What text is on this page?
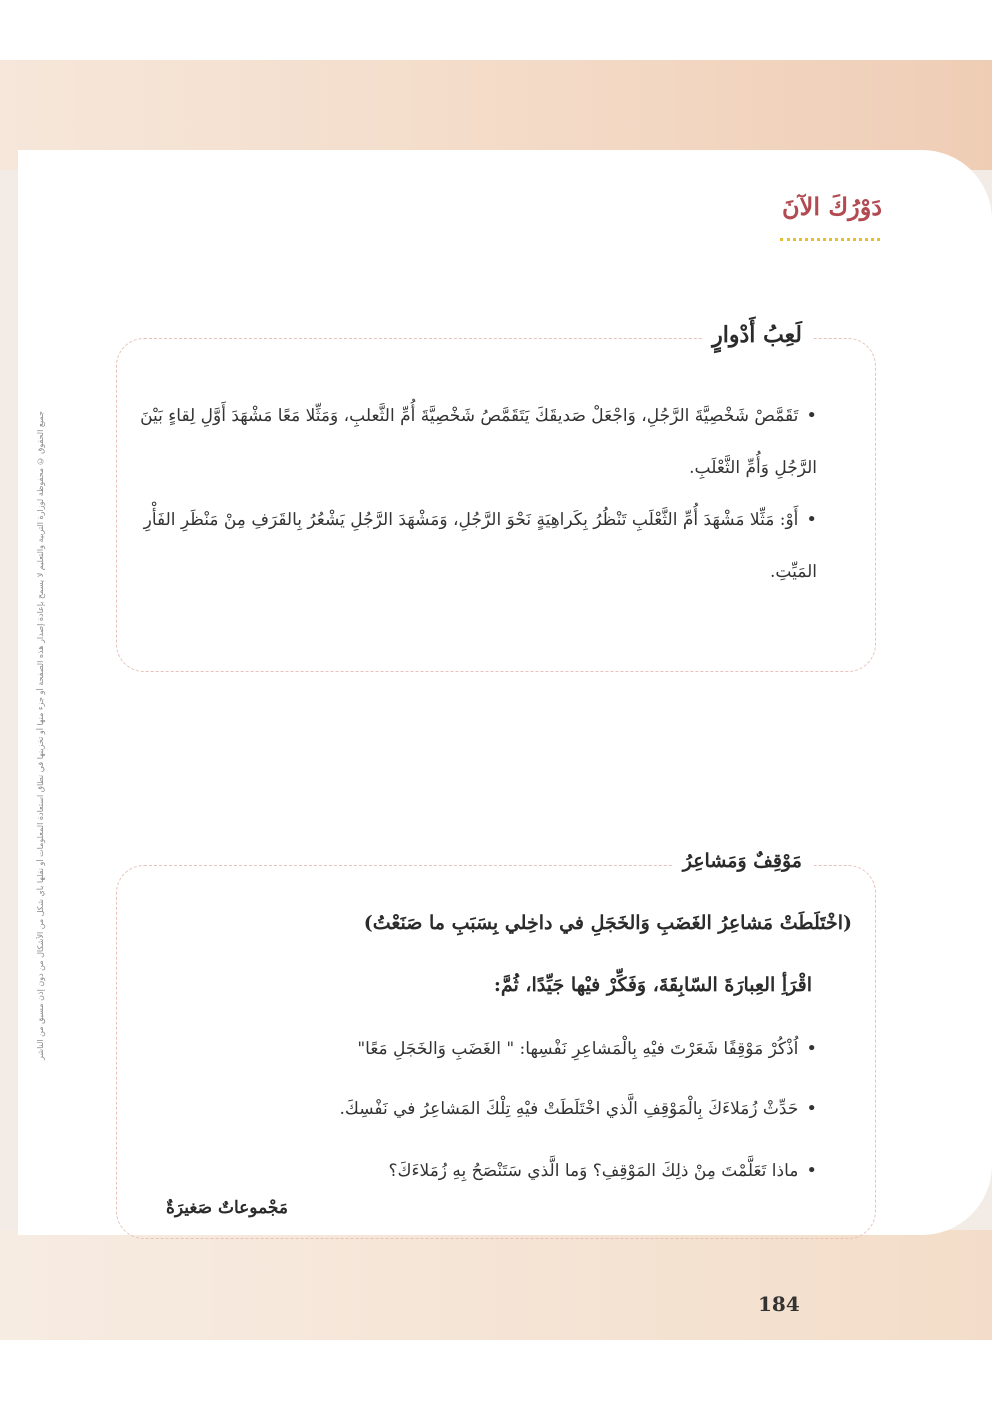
جميع الحقوق © محفوظة لوزارة التربية والتعليم لا يسمح بإعادة إصدار هذه الصفحة أو جزء منها أو تخزينها في نطاق استعادة المعلومات أو نقلها بأي شكل من الأشكال من دون إذن مسبق من الناشر
دَوْرُكَ الآنَ
لَعِبُ أَدْوارٍ
• تَقَمَّصْ شَخْصِيَّةَ الرَّجُلِ، وَاجْعَلْ صَديقَكَ يَتَقَمَّصُ شَخْصِيَّةَ أُمِّ الثَّعلبِ، وَمَثِّلا مَعًا مَشْهَدَ أَوَّلِ لِقاءٍ بَيْنَ الرَّجُلِ وَأُمِّ الثَّعْلَبِ.
• أَوْ: مَثِّلا مَشْهَدَ أُمِّ الثَّعْلَبِ تَنْظُرُ بِكَراهِيَةٍ نَحْوَ الرَّجُلِ، وَمَشْهَدَ الرَّجُلِ يَشْعُرُ بِالقَرَفِ مِنْ مَنْظَرِ الفَأْرِ المَيِّتِ.
مَوْقِفٌ وَمَشاعِرُ
(اخْتَلَطَتْ مَشاعِرُ الغَضَبِ وَالخَجَلِ في داخِلي بِسَبَبِ ما صَنَعْتُ)
اقْرَأِ العِبارَةَ السّابِقَةَ، وَفَكِّرْ فيْها جَيِّدًا، ثُمَّ:
• اُذْكُرْ مَوْقِفًا شَعَرْتَ فيْهِ بِالْمَشاعِرِ نَفْسِها: " الغَضَبِ وَالخَجَلِ مَعًا"
• حَدِّثْ زُمَلاءَكَ بِالْمَوْقِفِ الَّذي اخْتَلَطَتْ فيْهِ تِلْكَ المَشاعِرُ في نَفْسِكَ.
• ماذا تَعَلَّمْتَ مِنْ ذلِكَ المَوْقِفِ؟ وَما الَّذي سَتَنْصَحُ بِهِ زُمَلاءَكَ؟
مَجْموعاتٌ صَغيرَةٌ
184
